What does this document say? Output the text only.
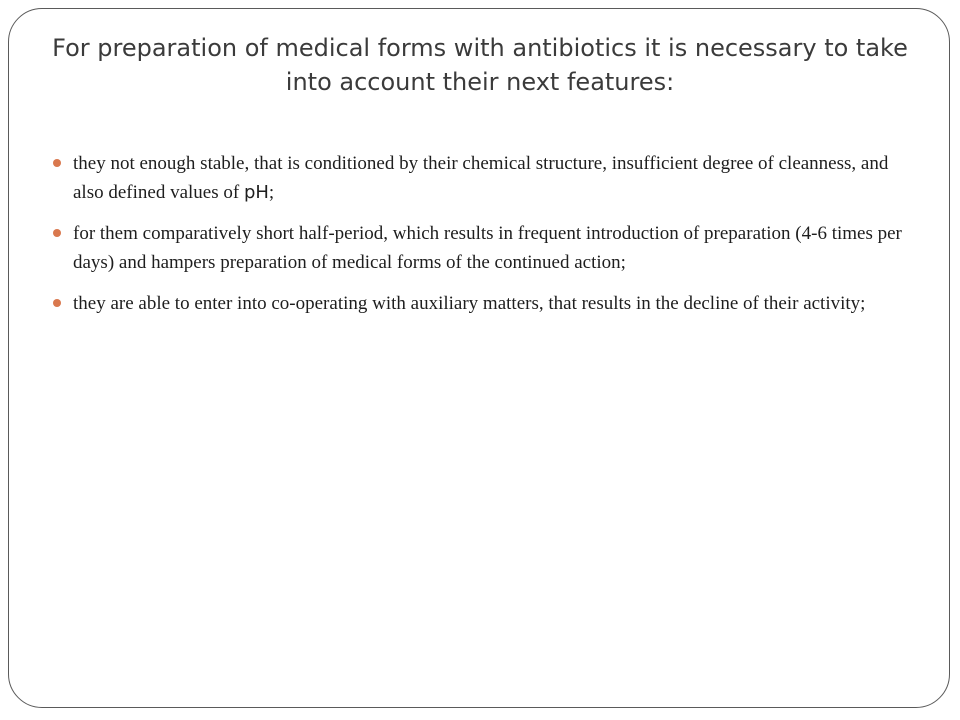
For preparation of medical forms with antibiotics it is necessary to take into account their next features:
they not enough stable, that is conditioned by their chemical structure, insufficient degree of cleanness, and also defined values of pH;
for them comparatively short half-period, which results in frequent introduction of preparation (4-6 times per days) and hampers preparation of medical forms of the continued action;
they are able to enter into co-operating with auxiliary matters, that results in the decline of their activity;
